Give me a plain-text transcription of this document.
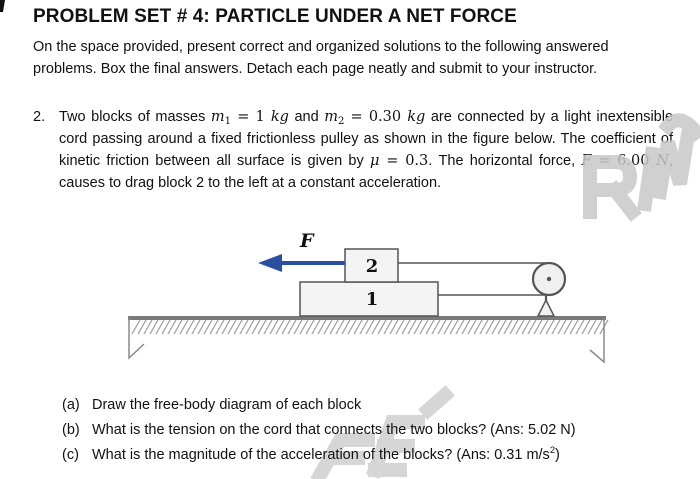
PROBLEM SET # 4: PARTICLE UNDER A NET FORCE
On the space provided, present correct and organized solutions to the following answered
problems. Box the final answers. Detach each page neatly and submit to your instructor.
2. Two blocks of masses $m_1 = 1$ kg and $m_2 = 0.30$ kg are connected by a light inextensible cord passing around a fixed frictionless pulley as shown in the figure below. The coefficient of kinetic friction between all surface is given by μ = 0.3. The horizontal force, F = 6.00 N, causes to drag block 2 to the left at a constant acceleration.
F
2
1
(a) Draw the free-body diagram of each block
(b) What is the tension on the cord that connects the two blocks? (Ans: 5.02 N)
(c) What is the magnitude of the acceleration of the blocks? (Ans: 0.31 $m/s^2$)
